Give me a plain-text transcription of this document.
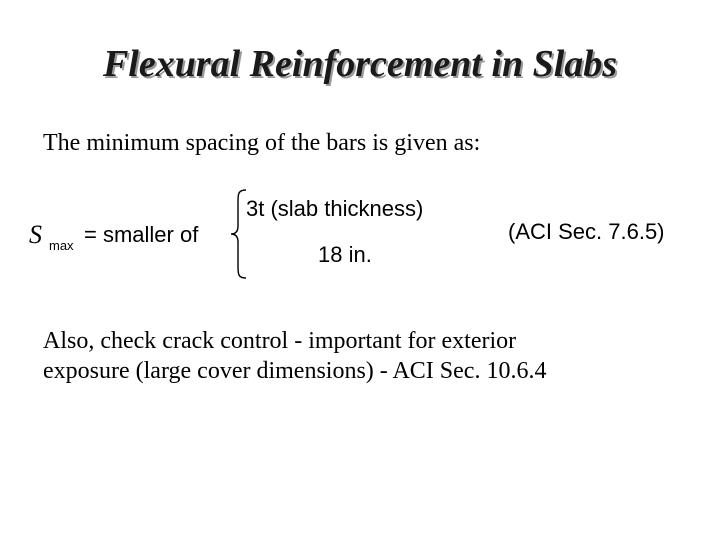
Flexural Reinforcement in Slabs
The minimum spacing of the bars is given as:
S max = smaller of
3t (slab thickness)
18 in.
(ACI Sec. 7.6.5)
Also, check crack control - important for exterior
exposure (large cover dimensions) - ACI Sec. 10.6.4
